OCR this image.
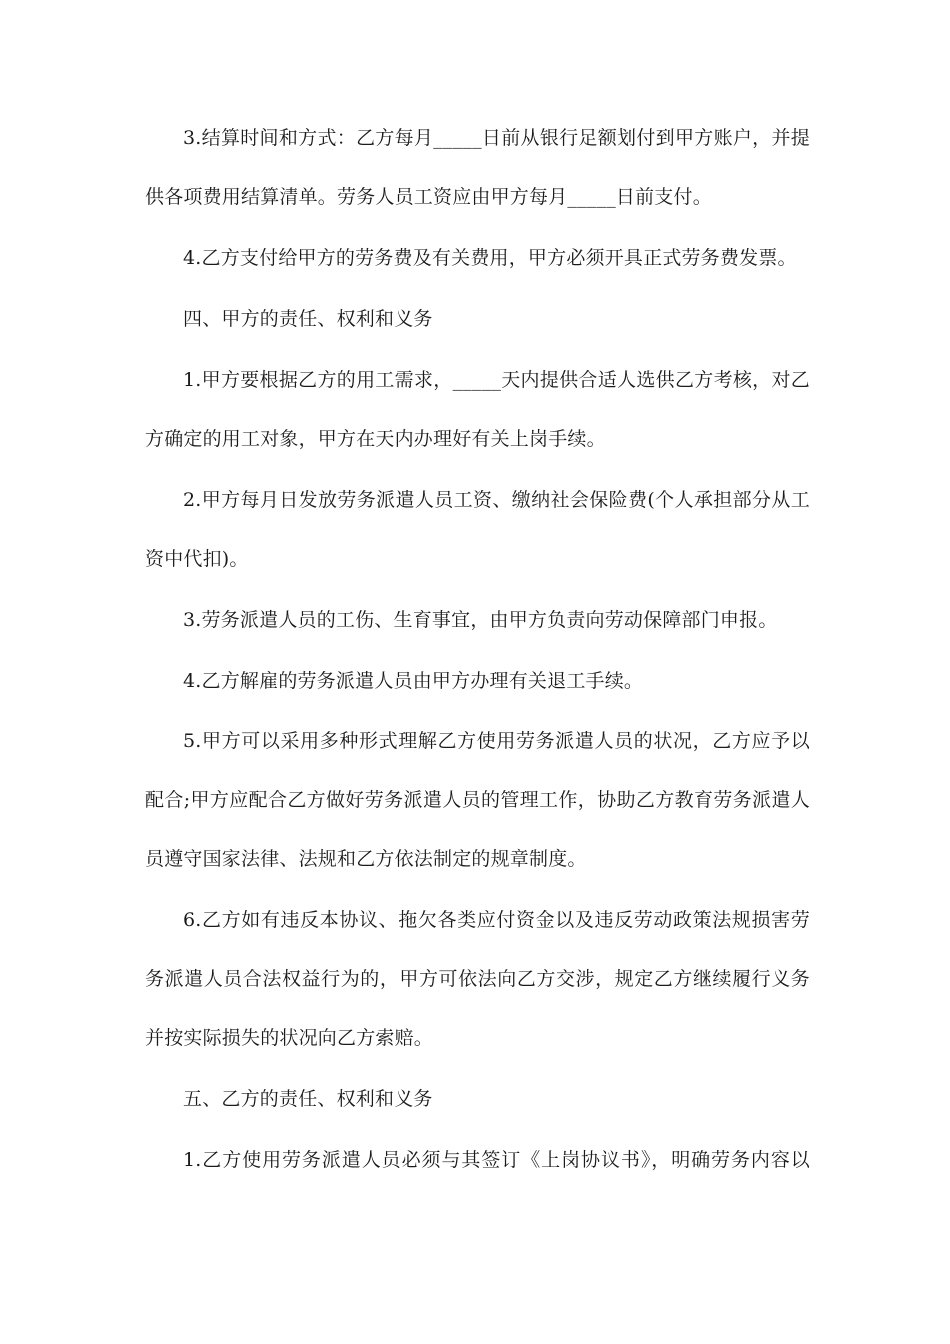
3.结算时间和方式：乙方每月_____日前从银行足额划付到甲方账户，并提
供各项费用结算清单。劳务人员工资应由甲方每月_____日前支付。
4.乙方支付给甲方的劳务费及有关费用，甲方必须开具正式劳务费发票。
四、甲方的责任、权利和义务
1.甲方要根据乙方的用工需求，_____天内提供合适人选供乙方考核，对乙
方确定的用工对象，甲方在天内办理好有关上岗手续。
2.甲方每月日发放劳务派遣人员工资、缴纳社会保险费(个人承担部分从工
资中代扣)。
3.劳务派遣人员的工伤、生育事宜，由甲方负责向劳动保障部门申报。
4.乙方解雇的劳务派遣人员由甲方办理有关退工手续。
5.甲方可以采用多种形式理解乙方使用劳务派遣人员的状况，乙方应予以
配合;甲方应配合乙方做好劳务派遣人员的管理工作，协助乙方教育劳务派遣人
员遵守国家法律、法规和乙方依法制定的规章制度。
6.乙方如有违反本协议、拖欠各类应付资金以及违反劳动政策法规损害劳
务派遣人员合法权益行为的，甲方可依法向乙方交涉，规定乙方继续履行义务
并按实际损失的状况向乙方索赔。
五、乙方的责任、权利和义务
1.乙方使用劳务派遣人员必须与其签订《上岗协议书》，明确劳务内容以
